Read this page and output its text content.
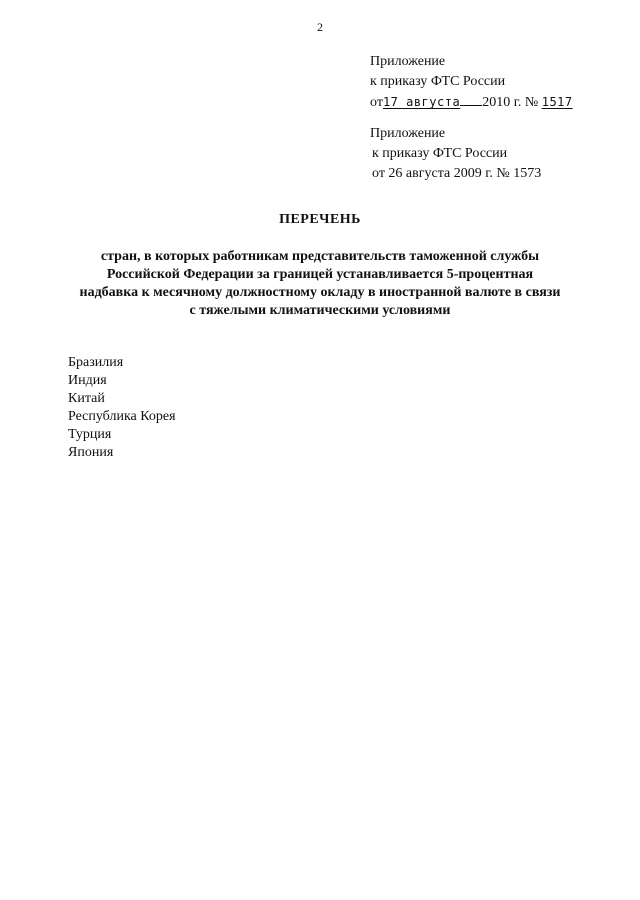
2
Приложение
к приказу ФТС России
от17 августа 2010 г. № 1517
Приложение
к приказу ФТС России
от 26 августа 2009 г. № 1573
ПЕРЕЧЕНЬ
стран, в которых работникам представительств таможенной службы
Российской Федерации за границей устанавливается 5-процентная
надбавка к месячному должностному окладу в иностранной валюте в связи
с тяжелыми климатическими условиями
Бразилия
Индия
Китай
Республика Корея
Турция
Япония
